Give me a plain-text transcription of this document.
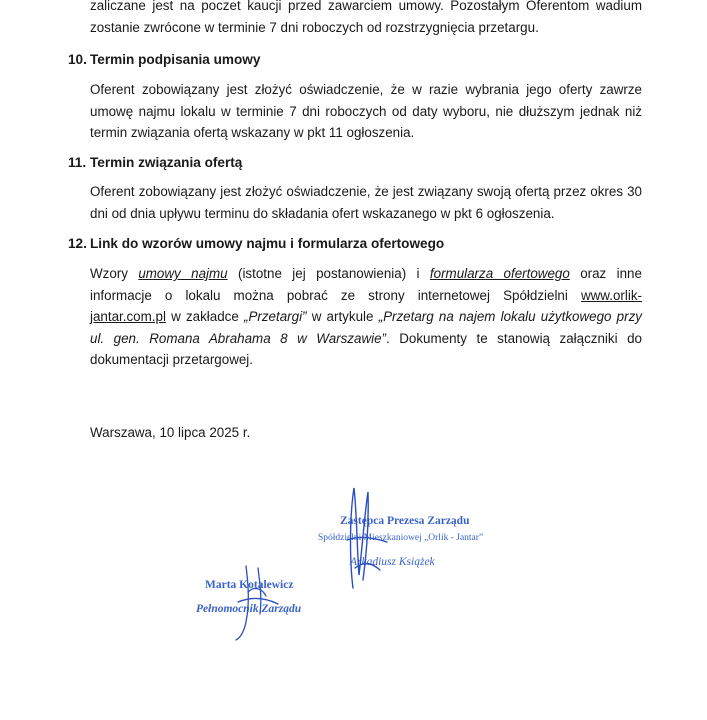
zaliczane jest na poczet kaucji przed zawarciem umowy. Pozostałym Oferentom wadium
zostanie zwrócone w terminie 7 dni roboczych od rozstrzygnięcia przetargu.
10. Termin podpisania umowy
Oferent zobowiązany jest złożyć oświadczenie, że w razie wybrania jego oferty zawrze
umowę najmu lokalu w terminie 7 dni roboczych od daty wyboru, nie dłuższym jednak niż
termin związania ofertą wskazany w pkt 11 ogłoszenia.
11. Termin związania ofertą
Oferent zobowiązany jest złożyć oświadczenie, że jest związany swoją ofertą przez okres 30
dni od dnia upływu terminu do składania ofert wskazanego w pkt 6 ogłoszenia.
12. Link do wzorów umowy najmu i formularza ofertowego
Wzory umowy najmu (istotne jej postanowienia) i formularza ofertowego oraz inne
informacje o lokalu można pobrać ze strony internetowej Spółdzielni www.orlik-
jantar.com.pl w zakładce „Przetargi” w artykule „Przetarg na najem lokalu użytkowego przy
ul. gen. Romana Abrahama 8 w Warszawie”. Dokumenty te stanowią załączniki do
dokumentacji przetargowej.
Warszawa, 10 lipca 2025 r.
Zastępca Prezesa Zarządu
Spółdzielni Mieszkaniowej „Orlik - Jantar”
Arkadiusz Książek
Marta Kotalewicz
Pełnomocnik Zarządu
